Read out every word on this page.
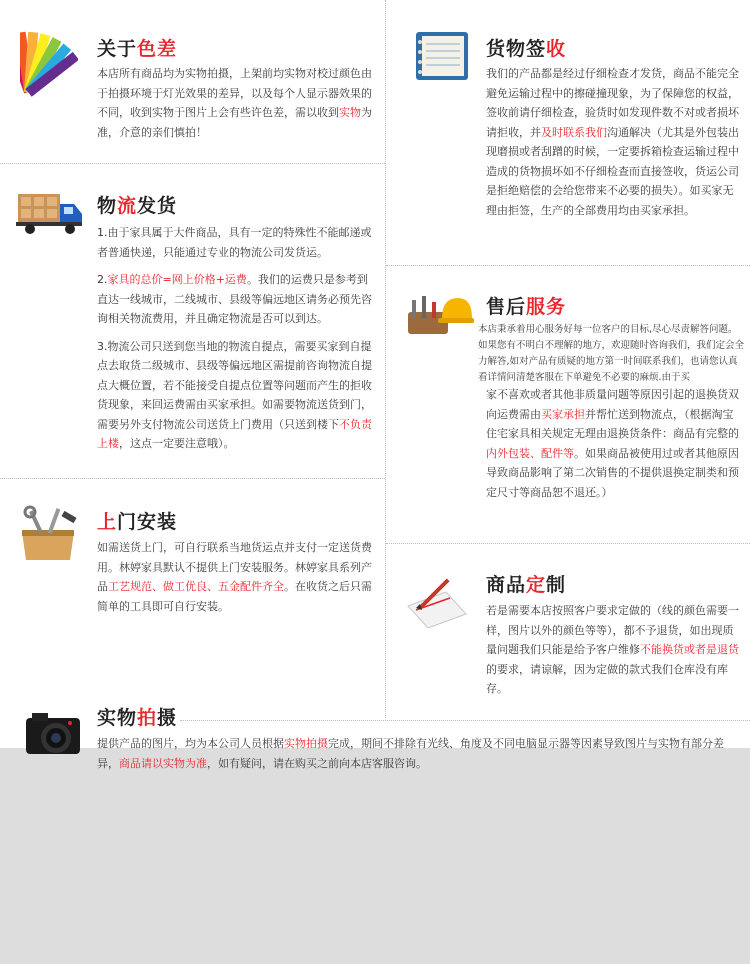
关于色差
本店所有商品均为实物拍摄，上架前均实物对校过颜色由于拍摄环境于灯光效果的差异，以及每个人显示器效果的不同，收到实物于图片上会有些许色差，需以收到实物为准，介意的亲们慎拍！
物流发货

1.由于家具属于大件商品，具有一定的特殊性不能邮递或者普通快递，只能通过专业的物流公司发货运。

2.家具的总价=网上价格+运费。我们的运费只是参考到直达一线城市，二线城市、县级等偏远地区请务必预先咨询相关物流费用，并且确定物流是否可以到达。

3.物流公司只送到您当地的物流自提点，需要买家到自提点去取货二级城市、县级等偏远地区需提前咨询物流自提点大概位置，若不能接受自提点位置等问题而产生的拒收货现象，来回运费需由买家承担。如需要物流送货到门，需要另外支付物流公司送货上门费用（只送到楼下不负责上楼，这点一定要注意哦）。

上门安装
如需送货上门，可自行联系当地货运点并支付一定送货费用。林婷家具默认不提供上门安装服务。林婷家具系列产品工艺规范、做工优良、五金配件齐全。在收货之后只需简单的工具即可自行安装。
实物拍摄
提供产品的图片，均为本公司人员根据实物拍摄完成，期间不排除有光线、角度及不同电脑显示器等因素导致图片与实物有部分差异，商品请以实物为准，如有疑问，请在购买之前向本店客服咨询。
货物签收
我们的产品都是经过仔细检查才发货，商品不能完全避免运输过程中的擦碰撞现象，为了保障您的权益，签收前请仔细检查，验货时如发现件数不对或者损坏请拒收，并及时联系我们沟通解决（尤其是外包装出现磨损或者刮蹭的时候，一定要拆箱检查运输过程中造成的货物损坏如不仔细检查而直接签收，货运公司是拒绝赔偿的会给您带来不必要的损失）。如买家无理由拒签，生产的全部费用均由买家承担。
售后服务
本店秉承着用心服务好每一位客户的目标,尽心尽责解答问题。如果您有不明白不理解的地方，欢迎随时咨询我们，我们定会全力解答,如对产品有质疑的地方第一时间联系我们，也请您认真看详情问清楚客服在下单避免不必要的麻烦.由于买
家不喜欢或者其他非质量问题等原因引起的退换货双向运费需由买家承担并帮忙送到物流点，（根据淘宝住宅家具相关规定无理由退换货条件：商品有完整的内外包装、配件等。如果商品被使用过或者其他原因导致商品影响了第二次销售的不提供退换定制类和预定尺寸等商品恕不退还。）
商品定制
若是需要本店按照客户要求定做的（线的颜色需要一样，图片以外的颜色等等），都不予退货，如出现质量问题我们只能是给予客户维修不能换货或者是退货的要求，请谅解，因为定做的款式我们仓库没有库存。
